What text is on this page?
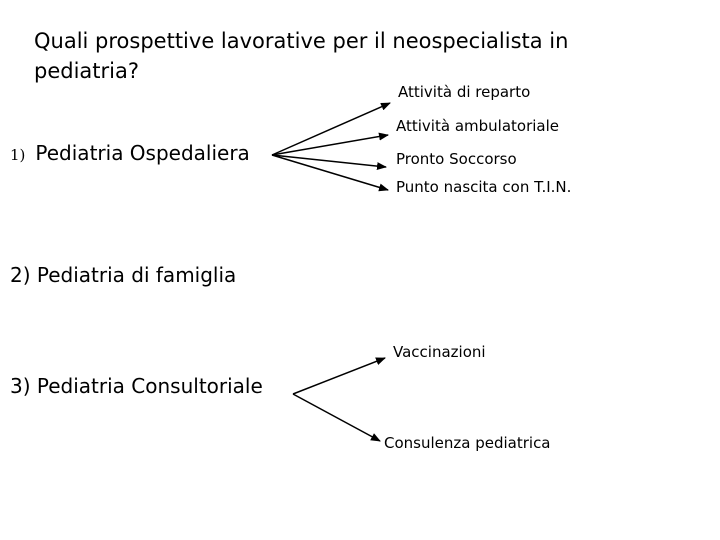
Quali prospettive lavorative per il neospecialista in pediatria?
1) Pediatria Ospedaliera
Attività di reparto
Attività ambulatoriale
Pronto Soccorso
Punto nascita con T.I.N.
2) Pediatria di famiglia
3) Pediatria Consultoriale
Vaccinazioni
Consulenza pediatrica
